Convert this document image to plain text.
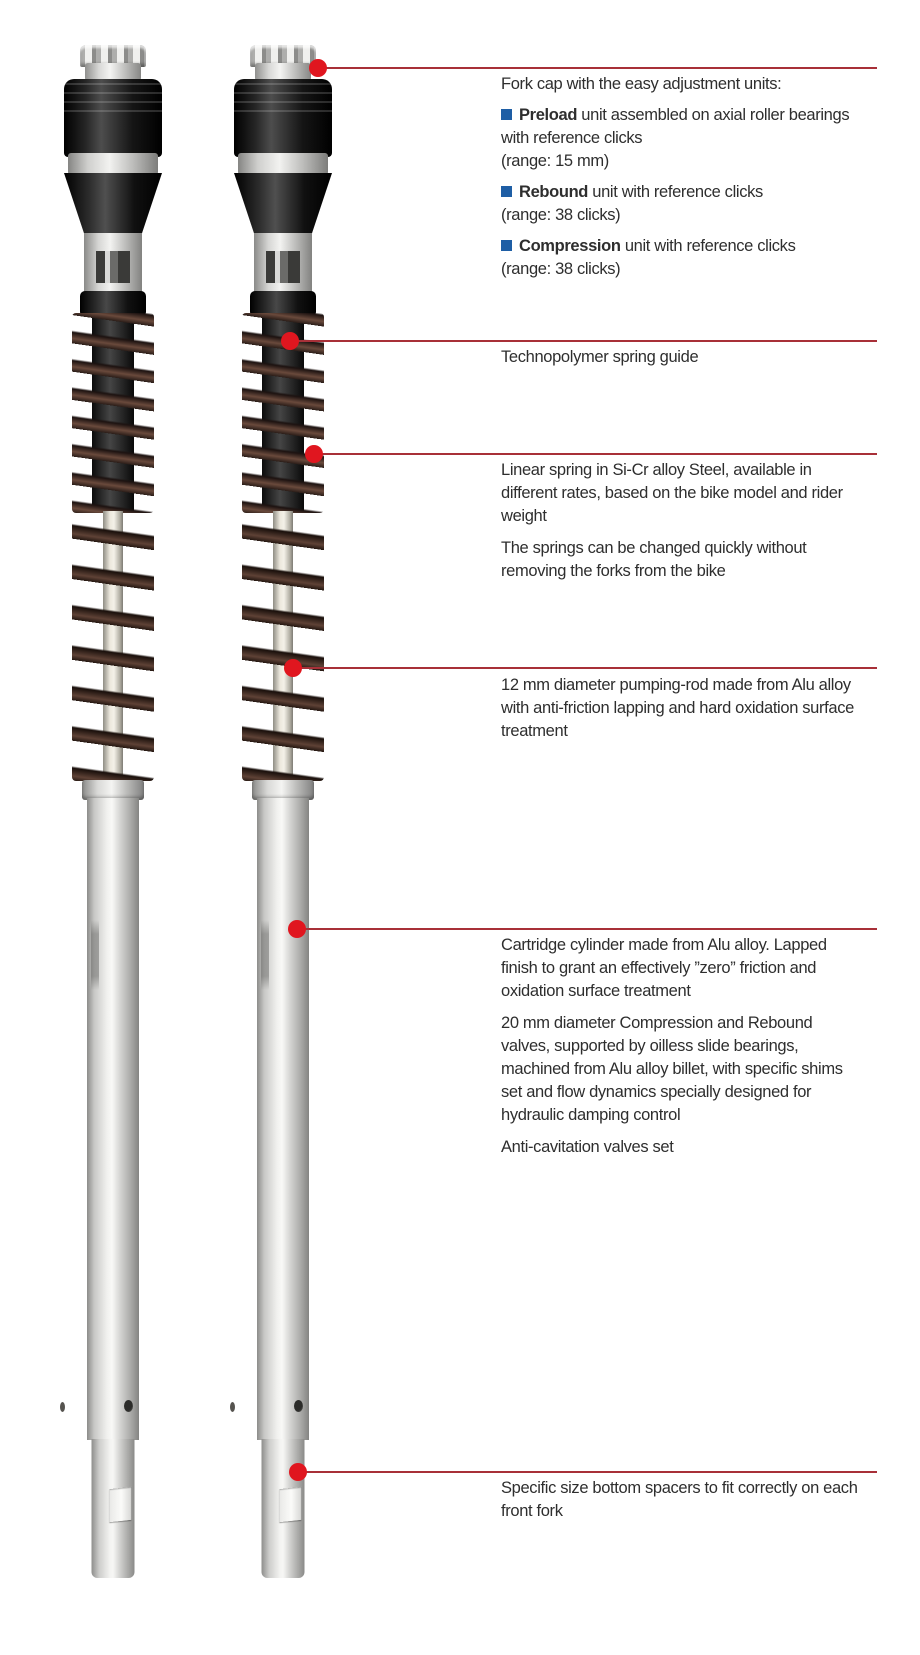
Fork cap with the easy adjustment units:
Preload unit assembled on axial roller bearings with reference clicks
(range: 15 mm)
Rebound unit with reference clicks
(range: 38 clicks)
Compression unit with reference clicks
(range: 38 clicks)
Technopolymer spring guide
Linear spring in Si-Cr alloy Steel, available in different rates, based on the bike model and rider weight
The springs can be changed quickly without removing the forks from the bike
12 mm diameter pumping-rod made from Alu alloy with anti-friction lapping and hard oxidation surface treatment
Cartridge cylinder made from Alu alloy. Lapped finish to grant an effectively ”zero” friction and oxidation surface treatment
20 mm diameter Compression and Rebound valves, supported by oilless slide bearings, machined from Alu alloy billet, with specific shims set and flow dynamics specially designed for  hydraulic damping control
Anti-cavitation valves set
Specific size bottom spacers to fit correctly on each front fork
